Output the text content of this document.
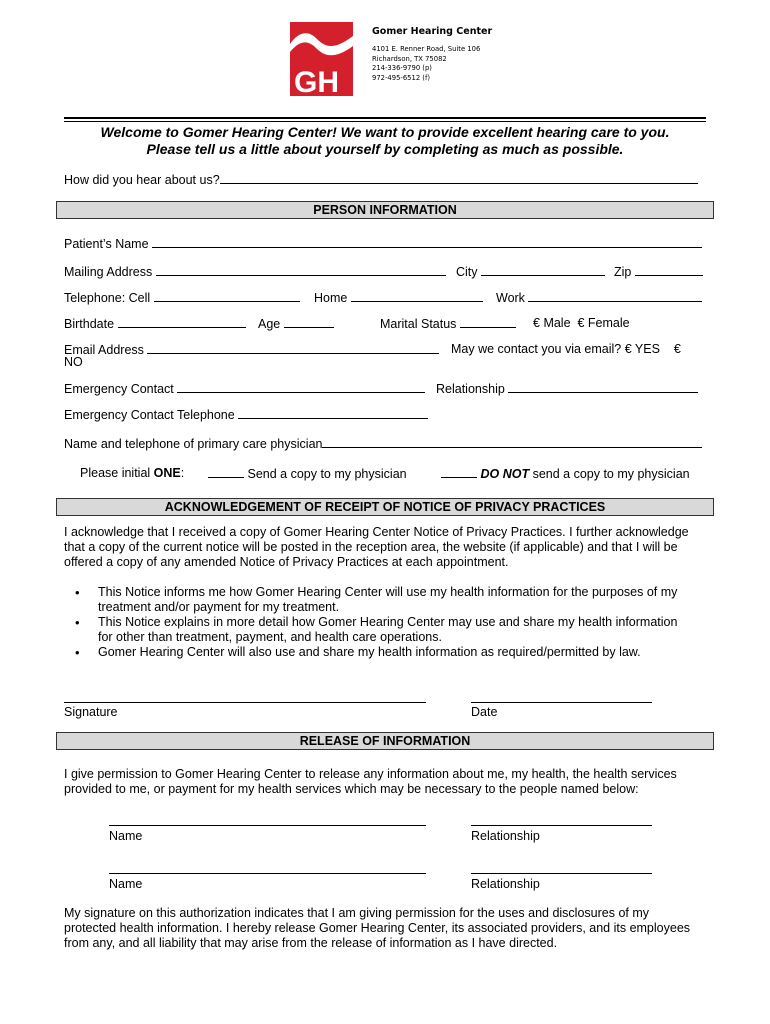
GH
Gomer Hearing Center
4101 E. Renner Road, Suite 106
Richardson, TX 75082
214-336-9790 (p)
972-495-6512 (f)
Welcome to Gomer Hearing Center! We want to provide excellent hearing care to you.
Please tell us a little about yourself by completing as much as possible.
How did you hear about us?
PERSON INFORMATION
Patient’s Name
Mailing Address	City	Zip
Telephone: Cell	Home	Work
Birthdate	Age	Marital Status	€ Male € Female
Email Address	May we contact you via email? € YES €
NO
Emergency Contact	Relationship
Emergency Contact Telephone
Name and telephone of primary care physician
Please initial ONE:	Send a copy to my physician	DO NOT send a copy to my physician
ACKNOWLEDGEMENT OF RECEIPT OF NOTICE OF PRIVACY PRACTICES
I acknowledge that I received a copy of Gomer Hearing Center Notice of Privacy Practices. I further acknowledge that a copy of the current notice will be posted in the reception area, the website (if applicable) and that I will be offered a copy of any amended Notice of Privacy Practices at each appointment.
• This Notice informs me how Gomer Hearing Center will use my health information for the purposes of my treatment and/or payment for my treatment.
• This Notice explains in more detail how Gomer Hearing Center may use and share my health information for other than treatment, payment, and health care operations.
• Gomer Hearing Center will also use and share my health information as required/permitted by law.
Signature	Date
RELEASE OF INFORMATION
I give permission to Gomer Hearing Center to release any information about me, my health, the health services provided to me, or payment for my health services which may be necessary to the people named below:
Name	Relationship
Name	Relationship
My signature on this authorization indicates that I am giving permission for the uses and disclosures of my protected health information. I hereby release Gomer Hearing Center, its associated providers, and its employees from any, and all liability that may arise from the release of information as I have directed.
